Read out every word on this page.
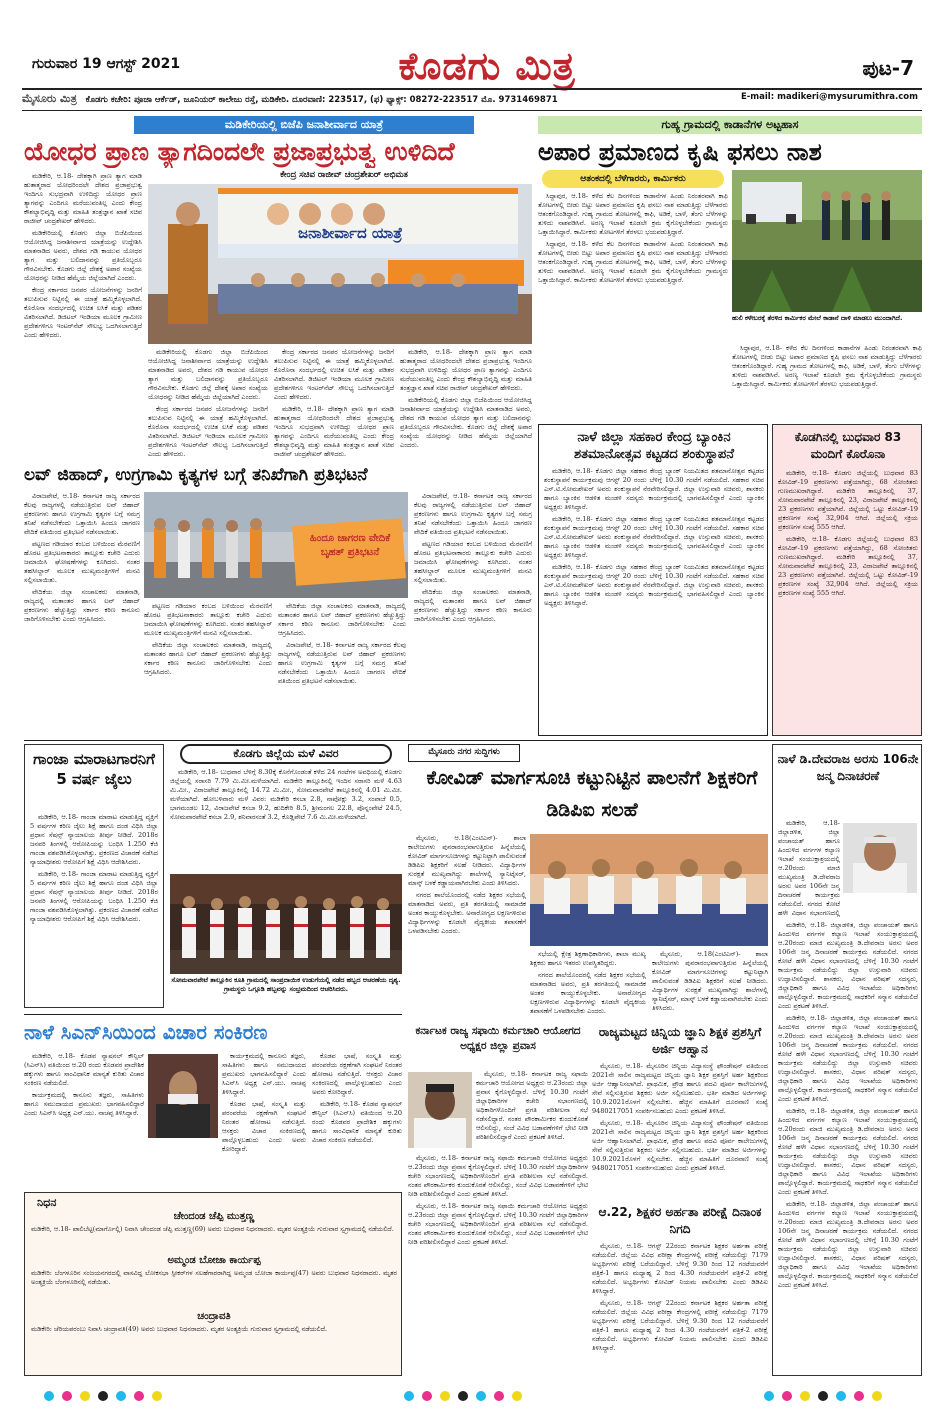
ಗುರುವಾರ 19 ಆಗಸ್ಟ್ 2021	ಕೊಡಗು ಮಿತ್ರ	ಪುಟ-7
ಮೈಸೂರು ಮಿತ್ರ ಕೊಡಗು ಕಚೇರಿ: ಪೂಜಾ ಆರ್ಕೆಡ್, ಜೂನಿಯರ್ ಕಾಲೇಜು ರಸ್ತೆ, ಮಡಿಕೇರಿ. ದೂರವಾಣಿ: 223517, (ಫ) ಫ್ಯಾಕ್ಸ್: 08272-223517 ಮೊ. 9731469871	E-mail: madikeri@mysurumithra.com
ಮಡಿಕೇರಿಯಲ್ಲಿ ಬಿಜೆಪಿ ಜನಾಶೀರ್ವಾದ ಯಾತ್ರೆ
ಯೋಧರ ಪ್ರಾಣ ತ್ಯಾಗದಿಂದಲೇ ಪ್ರಜಾಪ್ರಭುತ್ವ ಉಳಿದಿದೆ
ಕೇಂದ್ರ ಸಚಿವ ರಾಜೀವ್ ಚಂದ್ರಶೇಖರ್ ಅಭಿಮತ

ಮಡಿಕೇರಿ, ಆ.18- ದೇಶಕ್ಕಾಗಿ ಪ್ರಾಣ ತ್ಯಾಗ ಮಾಡಿ ಹುತಾತ್ಮರಾದ ಯೋಧರಿಂದಲೇ ದೇಶದ ಪ್ರಜಾಪ್ರಭುತ್ವ ಇಂದಿಗೂ ಸುಭದ್ರವಾಗಿ ಉಳಿದಿದ್ದು ಯೋಧರ ಪ್ರಾಣ ತ್ಯಾಗವನ್ನು ಎಂದಿಗೂ ಮರೆಯುವಂತಿಲ್ಲ ಎಂದು ಕೇಂದ್ರ ಕೌಶಲ್ಯಾಭಿವೃದ್ಧಿ ಮತ್ತು ಮಾಹಿತಿ ತಂತ್ರಜ್ಞಾನ ಖಾತೆ ಸಚಿವ ರಾಜೀವ್ ಚಂದ್ರಶೇಖರ್ ಹೇಳಿದರು.

ಮಡಿಕೇರಿಯಲ್ಲಿ ಕೊಡಗು ಜಿಲ್ಲಾ ಬಿಜೆಪಿಯಿಂದ ಆಯೋಜಿಸಿದ್ದ ಜನಾಶೀರ್ವಾದ ಯಾತ್ರೆಯನ್ನು ಉದ್ದೇಶಿಸಿ ಮಾತನಾಡಿದ ಅವರು, ದೇಶದ ಗಡಿ ಕಾಯುವ ಯೋಧರ ತ್ಯಾಗ ಮತ್ತು ಬಲಿದಾನವನ್ನು ಪ್ರತಿಯೊಬ್ಬರೂ ಗೌರವಿಸಬೇಕು. ಕೊಡಗು ಜಿಲ್ಲೆ ದೇಶಕ್ಕೆ ಅಪಾರ ಸಂಖ್ಯೆಯ ಯೋಧರನ್ನು ನೀಡಿದ ಹೆಮ್ಮೆಯ ಜಿಲ್ಲೆಯಾಗಿದೆ ಎಂದರು.

ಕೇಂದ್ರ ಸರ್ಕಾರದ ಜನಪರ ಯೋಜನೆಗಳನ್ನು ಜನರಿಗೆ ತಲುಪಿಸುವ ನಿಟ್ಟಿನಲ್ಲಿ ಈ ಯಾತ್ರೆ ಹಮ್ಮಿಕೊಳ್ಳಲಾಗಿದೆ. ಕೊರೊನಾ ಸಂದರ್ಭದಲ್ಲಿ ಉಚಿತ ಲಸಿಕೆ ಮತ್ತು ಪಡಿತರ ವಿತರಿಸಲಾಗಿದೆ. ಡಿಜಿಟಲ್ ಇಂಡಿಯಾ ಮೂಲಕ ಗ್ರಾಮೀಣ ಪ್ರದೇಶಗಳಿಗೂ ಇಂಟರ್‌ನೆಟ್ ಸೌಲಭ್ಯ ಒದಗಿಸಲಾಗುತ್ತಿದೆ ಎಂದು ಹೇಳಿದರು.

ಜನಾಶೀರ್ವಾದ ಯಾತ್ರೆ

ಮಡಿಕೇರಿಯಲ್ಲಿ ಕೊಡಗು ಜಿಲ್ಲಾ ಬಿಜೆಪಿಯಿಂದ ಆಯೋಜಿಸಿದ್ದ ಜನಾಶೀರ್ವಾದ ಯಾತ್ರೆಯನ್ನು ಉದ್ದೇಶಿಸಿ ಮಾತನಾಡಿದ ಅವರು, ದೇಶದ ಗಡಿ ಕಾಯುವ ಯೋಧರ ತ್ಯಾಗ ಮತ್ತು ಬಲಿದಾನವನ್ನು ಪ್ರತಿಯೊಬ್ಬರೂ ಗೌರವಿಸಬೇಕು. ಕೊಡಗು ಜಿಲ್ಲೆ ದೇಶಕ್ಕೆ ಅಪಾರ ಸಂಖ್ಯೆಯ ಯೋಧರನ್ನು ನೀಡಿದ ಹೆಮ್ಮೆಯ ಜಿಲ್ಲೆಯಾಗಿದೆ ಎಂದರು.

ಕೇಂದ್ರ ಸರ್ಕಾರದ ಜನಪರ ಯೋಜನೆಗಳನ್ನು ಜನರಿಗೆ ತಲುಪಿಸುವ ನಿಟ್ಟಿನಲ್ಲಿ ಈ ಯಾತ್ರೆ ಹಮ್ಮಿಕೊಳ್ಳಲಾಗಿದೆ. ಕೊರೊನಾ ಸಂದರ್ಭದಲ್ಲಿ ಉಚಿತ ಲಸಿಕೆ ಮತ್ತು ಪಡಿತರ ವಿತರಿಸಲಾಗಿದೆ. ಡಿಜಿಟಲ್ ಇಂಡಿಯಾ ಮೂಲಕ ಗ್ರಾಮೀಣ ಪ್ರದೇಶಗಳಿಗೂ ಇಂಟರ್‌ನೆಟ್ ಸೌಲಭ್ಯ ಒದಗಿಸಲಾಗುತ್ತಿದೆ ಎಂದು ಹೇಳಿದರು.

ಕೇಂದ್ರ ಸರ್ಕಾರದ ಜನಪರ ಯೋಜನೆಗಳನ್ನು ಜನರಿಗೆ ತಲುಪಿಸುವ ನಿಟ್ಟಿನಲ್ಲಿ ಈ ಯಾತ್ರೆ ಹಮ್ಮಿಕೊಳ್ಳಲಾಗಿದೆ. ಕೊರೊನಾ ಸಂದರ್ಭದಲ್ಲಿ ಉಚಿತ ಲಸಿಕೆ ಮತ್ತು ಪಡಿತರ ವಿತರಿಸಲಾಗಿದೆ. ಡಿಜಿಟಲ್ ಇಂಡಿಯಾ ಮೂಲಕ ಗ್ರಾಮೀಣ ಪ್ರದೇಶಗಳಿಗೂ ಇಂಟರ್‌ನೆಟ್ ಸೌಲಭ್ಯ ಒದಗಿಸಲಾಗುತ್ತಿದೆ ಎಂದು ಹೇಳಿದರು.

ಮಡಿಕೇರಿ, ಆ.18- ದೇಶಕ್ಕಾಗಿ ಪ್ರಾಣ ತ್ಯಾಗ ಮಾಡಿ ಹುತಾತ್ಮರಾದ ಯೋಧರಿಂದಲೇ ದೇಶದ ಪ್ರಜಾಪ್ರಭುತ್ವ ಇಂದಿಗೂ ಸುಭದ್ರವಾಗಿ ಉಳಿದಿದ್ದು ಯೋಧರ ಪ್ರಾಣ ತ್ಯಾಗವನ್ನು ಎಂದಿಗೂ ಮರೆಯುವಂತಿಲ್ಲ ಎಂದು ಕೇಂದ್ರ ಕೌಶಲ್ಯಾಭಿವೃದ್ಧಿ ಮತ್ತು ಮಾಹಿತಿ ತಂತ್ರಜ್ಞಾನ ಖಾತೆ ಸಚಿವ ರಾಜೀವ್ ಚಂದ್ರಶೇಖರ್ ಹೇಳಿದರು.

ಮಡಿಕೇರಿ, ಆ.18- ದೇಶಕ್ಕಾಗಿ ಪ್ರಾಣ ತ್ಯಾಗ ಮಾಡಿ ಹುತಾತ್ಮರಾದ ಯೋಧರಿಂದಲೇ ದೇಶದ ಪ್ರಜಾಪ್ರಭುತ್ವ ಇಂದಿಗೂ ಸುಭದ್ರವಾಗಿ ಉಳಿದಿದ್ದು ಯೋಧರ ಪ್ರಾಣ ತ್ಯಾಗವನ್ನು ಎಂದಿಗೂ ಮರೆಯುವಂತಿಲ್ಲ ಎಂದು ಕೇಂದ್ರ ಕೌಶಲ್ಯಾಭಿವೃದ್ಧಿ ಮತ್ತು ಮಾಹಿತಿ ತಂತ್ರಜ್ಞಾನ ಖಾತೆ ಸಚಿವ ರಾಜೀವ್ ಚಂದ್ರಶೇಖರ್ ಹೇಳಿದರು.

ಮಡಿಕೇರಿಯಲ್ಲಿ ಕೊಡಗು ಜಿಲ್ಲಾ ಬಿಜೆಪಿಯಿಂದ ಆಯೋಜಿಸಿದ್ದ ಜನಾಶೀರ್ವಾದ ಯಾತ್ರೆಯನ್ನು ಉದ್ದೇಶಿಸಿ ಮಾತನಾಡಿದ ಅವರು, ದೇಶದ ಗಡಿ ಕಾಯುವ ಯೋಧರ ತ್ಯಾಗ ಮತ್ತು ಬಲಿದಾನವನ್ನು ಪ್ರತಿಯೊಬ್ಬರೂ ಗೌರವಿಸಬೇಕು. ಕೊಡಗು ಜಿಲ್ಲೆ ದೇಶಕ್ಕೆ ಅಪಾರ ಸಂಖ್ಯೆಯ ಯೋಧರನ್ನು ನೀಡಿದ ಹೆಮ್ಮೆಯ ಜಿಲ್ಲೆಯಾಗಿದೆ ಎಂದರು.

ಗುಹ್ಯ ಗ್ರಾಮದಲ್ಲಿ ಕಾಡಾನೆಗಳ ಅಟ್ಟಹಾಸ
ಅಪಾರ ಪ್ರಮಾಣದ ಕೃಷಿ ಫಸಲು ನಾಶ
ಆತಂಕದಲ್ಲಿ ಬೆಳೆಗಾರರು, ಕಾರ್ಮಿಕರು

ಸಿದ್ದಾಪುರ, ಆ.18- ಕಳೆದ ಕೆಲ ದಿನಗಳಿಂದ ಕಾಡಾನೆಗಳ ಹಿಂಡು ನಿರಂತರವಾಗಿ ಕಾಫಿ ತೋಟಗಳಲ್ಲಿ ಬೀಡು ಬಿಟ್ಟು ಅಪಾರ ಪ್ರಮಾಣದ ಕೃಷಿ ಫಸಲು ನಾಶ ಮಾಡುತ್ತಿದ್ದು ಬೆಳೆಗಾರರು ಆತಂಕಗೊಂಡಿದ್ದಾರೆ. ಗುಹ್ಯ ಗ್ರಾಮದ ತೋಟಗಳಲ್ಲಿ ಕಾಫಿ, ಅಡಿಕೆ, ಬಾಳೆ, ತೆಂಗು ಬೆಳೆಗಳನ್ನು ತುಳಿದು ನಾಶಪಡಿಸಿವೆ. ಅರಣ್ಯ ಇಲಾಖೆ ಕೂಡಲೇ ಕ್ರಮ ಕೈಗೊಳ್ಳಬೇಕೆಂದು ಗ್ರಾಮಸ್ಥರು ಒತ್ತಾಯಿಸಿದ್ದಾರೆ. ಕಾರ್ಮಿಕರು ತೋಟಗಳಿಗೆ ತೆರಳಲು ಭಯಪಡುತ್ತಿದ್ದಾರೆ.

ಸಿದ್ದಾಪುರ, ಆ.18- ಕಳೆದ ಕೆಲ ದಿನಗಳಿಂದ ಕಾಡಾನೆಗಳ ಹಿಂಡು ನಿರಂತರವಾಗಿ ಕಾಫಿ ತೋಟಗಳಲ್ಲಿ ಬೀಡು ಬಿಟ್ಟು ಅಪಾರ ಪ್ರಮಾಣದ ಕೃಷಿ ಫಸಲು ನಾಶ ಮಾಡುತ್ತಿದ್ದು ಬೆಳೆಗಾರರು ಆತಂಕಗೊಂಡಿದ್ದಾರೆ. ಗುಹ್ಯ ಗ್ರಾಮದ ತೋಟಗಳಲ್ಲಿ ಕಾಫಿ, ಅಡಿಕೆ, ಬಾಳೆ, ತೆಂಗು ಬೆಳೆಗಳನ್ನು ತುಳಿದು ನಾಶಪಡಿಸಿವೆ. ಅರಣ್ಯ ಇಲಾಖೆ ಕೂಡಲೇ ಕ್ರಮ ಕೈಗೊಳ್ಳಬೇಕೆಂದು ಗ್ರಾಮಸ್ಥರು ಒತ್ತಾಯಿಸಿದ್ದಾರೆ. ಕಾರ್ಮಿಕರು ತೋಟಗಳಿಗೆ ತೆರಳಲು ಭಯಪಡುತ್ತಿದ್ದಾರೆ.

ಹುಲಿ ಕಳೇಬರಕ್ಕೆ ತೆರಳಿದ ಕಾರ್ಮಿಕರ ಮೇಲೆ ಕಾಡಾನೆ ದಾಳಿ ಮಾಡಲು ಮುಂದಾಗಿದೆ.

ಸಿದ್ದಾಪುರ, ಆ.18- ಕಳೆದ ಕೆಲ ದಿನಗಳಿಂದ ಕಾಡಾನೆಗಳ ಹಿಂಡು ನಿರಂತರವಾಗಿ ಕಾಫಿ ತೋಟಗಳಲ್ಲಿ ಬೀಡು ಬಿಟ್ಟು ಅಪಾರ ಪ್ರಮಾಣದ ಕೃಷಿ ಫಸಲು ನಾಶ ಮಾಡುತ್ತಿದ್ದು ಬೆಳೆಗಾರರು ಆತಂಕಗೊಂಡಿದ್ದಾರೆ. ಗುಹ್ಯ ಗ್ರಾಮದ ತೋಟಗಳಲ್ಲಿ ಕಾಫಿ, ಅಡಿಕೆ, ಬಾಳೆ, ತೆಂಗು ಬೆಳೆಗಳನ್ನು ತುಳಿದು ನಾಶಪಡಿಸಿವೆ. ಅರಣ್ಯ ಇಲಾಖೆ ಕೂಡಲೇ ಕ್ರಮ ಕೈಗೊಳ್ಳಬೇಕೆಂದು ಗ್ರಾಮಸ್ಥರು ಒತ್ತಾಯಿಸಿದ್ದಾರೆ. ಕಾರ್ಮಿಕರು ತೋಟಗಳಿಗೆ ತೆರಳಲು ಭಯಪಡುತ್ತಿದ್ದಾರೆ.

ನಾಳೆ ಜಿಲ್ಲಾ ಸಹಕಾರ ಕೇಂದ್ರ ಬ್ಯಾಂಕಿನ ಶತಮಾನೋತ್ಸವ ಕಟ್ಟಡದ ಶಂಕುಸ್ಥಾಪನೆ

ಮಡಿಕೇರಿ, ಆ.18- ಕೊಡಗು ಜಿಲ್ಲಾ ಸಹಕಾರ ಕೇಂದ್ರ ಬ್ಯಾಂಕ್ ನಿಯಮಿತದ ಶತಮಾನೋತ್ಸವ ಕಟ್ಟಡದ ಶಂಕುಸ್ಥಾಪನೆ ಕಾರ್ಯಕ್ರಮವು ಆಗಸ್ಟ್ 20 ರಂದು ಬೆಳಿಗ್ಗೆ 10.30 ಗಂಟೆಗೆ ನಡೆಯಲಿದೆ. ಸಹಕಾರ ಸಚಿವ ಎಸ್.ಟಿ.ಸೋಮಶೇಖರ್ ಅವರು ಶಂಕುಸ್ಥಾಪನೆ ನೆರವೇರಿಸಲಿದ್ದಾರೆ. ಜಿಲ್ಲಾ ಉಸ್ತುವಾರಿ ಸಚಿವರು, ಶಾಸಕರು ಹಾಗೂ ಬ್ಯಾಂಕಿನ ಆಡಳಿತ ಮಂಡಳಿ ಸದಸ್ಯರು ಕಾರ್ಯಕ್ರಮದಲ್ಲಿ ಭಾಗವಹಿಸಲಿದ್ದಾರೆ ಎಂದು ಬ್ಯಾಂಕಿನ ಅಧ್ಯಕ್ಷರು ತಿಳಿಸಿದ್ದಾರೆ.

ಮಡಿಕೇರಿ, ಆ.18- ಕೊಡಗು ಜಿಲ್ಲಾ ಸಹಕಾರ ಕೇಂದ್ರ ಬ್ಯಾಂಕ್ ನಿಯಮಿತದ ಶತಮಾನೋತ್ಸವ ಕಟ್ಟಡದ ಶಂಕುಸ್ಥಾಪನೆ ಕಾರ್ಯಕ್ರಮವು ಆಗಸ್ಟ್ 20 ರಂದು ಬೆಳಿಗ್ಗೆ 10.30 ಗಂಟೆಗೆ ನಡೆಯಲಿದೆ. ಸಹಕಾರ ಸಚಿವ ಎಸ್.ಟಿ.ಸೋಮಶೇಖರ್ ಅವರು ಶಂಕುಸ್ಥಾಪನೆ ನೆರವೇರಿಸಲಿದ್ದಾರೆ. ಜಿಲ್ಲಾ ಉಸ್ತುವಾರಿ ಸಚಿವರು, ಶಾಸಕರು ಹಾಗೂ ಬ್ಯಾಂಕಿನ ಆಡಳಿತ ಮಂಡಳಿ ಸದಸ್ಯರು ಕಾರ್ಯಕ್ರಮದಲ್ಲಿ ಭಾಗವಹಿಸಲಿದ್ದಾರೆ ಎಂದು ಬ್ಯಾಂಕಿನ ಅಧ್ಯಕ್ಷರು ತಿಳಿಸಿದ್ದಾರೆ.

ಮಡಿಕೇರಿ, ಆ.18- ಕೊಡಗು ಜಿಲ್ಲಾ ಸಹಕಾರ ಕೇಂದ್ರ ಬ್ಯಾಂಕ್ ನಿಯಮಿತದ ಶತಮಾನೋತ್ಸವ ಕಟ್ಟಡದ ಶಂಕುಸ್ಥಾಪನೆ ಕಾರ್ಯಕ್ರಮವು ಆಗಸ್ಟ್ 20 ರಂದು ಬೆಳಿಗ್ಗೆ 10.30 ಗಂಟೆಗೆ ನಡೆಯಲಿದೆ. ಸಹಕಾರ ಸಚಿವ ಎಸ್.ಟಿ.ಸೋಮಶೇಖರ್ ಅವರು ಶಂಕುಸ್ಥಾಪನೆ ನೆರವೇರಿಸಲಿದ್ದಾರೆ. ಜಿಲ್ಲಾ ಉಸ್ತುವಾರಿ ಸಚಿವರು, ಶಾಸಕರು ಹಾಗೂ ಬ್ಯಾಂಕಿನ ಆಡಳಿತ ಮಂಡಳಿ ಸದಸ್ಯರು ಕಾರ್ಯಕ್ರಮದಲ್ಲಿ ಭಾಗವಹಿಸಲಿದ್ದಾರೆ ಎಂದು ಬ್ಯಾಂಕಿನ ಅಧ್ಯಕ್ಷರು ತಿಳಿಸಿದ್ದಾರೆ.

ಕೊಡಗಿನಲ್ಲಿ ಬುಧವಾರ 83 ಮಂದಿಗೆ ಕೊರೊನಾ

ಮಡಿಕೇರಿ, ಆ.18- ಕೊಡಗು ಜಿಲ್ಲೆಯಲ್ಲಿ ಬುಧವಾರ 83 ಕೋವಿಡ್-19 ಪ್ರಕರಣಗಳು ಪತ್ತೆಯಾಗಿದ್ದು, 68 ಸೋಂಕಿತರು ಗುಣಮುಖರಾಗಿದ್ದಾರೆ. ಮಡಿಕೇರಿ ತಾಲ್ಲೂಕಿನಲ್ಲಿ 37, ಸೋಮವಾರಪೇಟೆ ತಾಲ್ಲೂಕಿನಲ್ಲಿ 23, ವಿರಾಜಪೇಟೆ ತಾಲ್ಲೂಕಿನಲ್ಲಿ 23 ಪ್ರಕರಣಗಳು ಪತ್ತೆಯಾಗಿವೆ. ಜಿಲ್ಲೆಯಲ್ಲಿ ಒಟ್ಟು ಕೋವಿಡ್-19 ಪ್ರಕರಣಗಳ ಸಂಖ್ಯೆ 32,904 ಆಗಿದೆ. ಜಿಲ್ಲೆಯಲ್ಲಿ ಸಕ್ರಿಯ ಪ್ರಕರಣಗಳ ಸಂಖ್ಯೆ 555 ಆಗಿದೆ.

ಮಡಿಕೇರಿ, ಆ.18- ಕೊಡಗು ಜಿಲ್ಲೆಯಲ್ಲಿ ಬುಧವಾರ 83 ಕೋವಿಡ್-19 ಪ್ರಕರಣಗಳು ಪತ್ತೆಯಾಗಿದ್ದು, 68 ಸೋಂಕಿತರು ಗುಣಮುಖರಾಗಿದ್ದಾರೆ. ಮಡಿಕೇರಿ ತಾಲ್ಲೂಕಿನಲ್ಲಿ 37, ಸೋಮವಾರಪೇಟೆ ತಾಲ್ಲೂಕಿನಲ್ಲಿ 23, ವಿರಾಜಪೇಟೆ ತಾಲ್ಲೂಕಿನಲ್ಲಿ 23 ಪ್ರಕರಣಗಳು ಪತ್ತೆಯಾಗಿವೆ. ಜಿಲ್ಲೆಯಲ್ಲಿ ಒಟ್ಟು ಕೋವಿಡ್-19 ಪ್ರಕರಣಗಳ ಸಂಖ್ಯೆ 32,904 ಆಗಿದೆ. ಜಿಲ್ಲೆಯಲ್ಲಿ ಸಕ್ರಿಯ ಪ್ರಕರಣಗಳ ಸಂಖ್ಯೆ 555 ಆಗಿದೆ.

ಲವ್ ಜಿಹಾದ್, ಉಗ್ರಗಾಮಿ ಕೃತ್ಯಗಳ ಬಗ್ಗೆ ತನಿಖೆಗಾಗಿ ಪ್ರತಿಭಟನೆ

ವಿರಾಜಪೇಟೆ, ಆ.18- ಕರ್ನಾಟಕ ರಾಜ್ಯ ಸರ್ಕಾರದ ಕೆಲವು ರಾಜ್ಯಗಳಲ್ಲಿ ನಡೆಯುತ್ತಿರುವ ಲವ್ ಜಿಹಾದ್ ಪ್ರಕರಣಗಳು ಹಾಗೂ ಉಗ್ರಗಾಮಿ ಕೃತ್ಯಗಳ ಬಗ್ಗೆ ಸಮಗ್ರ ತನಿಖೆ ನಡೆಸಬೇಕೆಂದು ಒತ್ತಾಯಿಸಿ ಹಿಂದೂ ಜಾಗರಣ ವೇದಿಕೆ ವತಿಯಿಂದ ಪ್ರತಿಭಟನೆ ನಡೆಸಲಾಯಿತು.

ಪಟ್ಟಣದ ಗಡಿಯಾರ ಕಂಬದ ಬಳಿಯಿಂದ ಮೆರವಣಿಗೆ ಹೊರಟ ಪ್ರತಿಭಟನಾಕಾರರು ತಾಲ್ಲೂಕು ಕಚೇರಿ ಎದುರು ಜಮಾಯಿಸಿ ಘೋಷಣೆಗಳನ್ನು ಕೂಗಿದರು. ನಂತರ ತಹಸೀಲ್ದಾರ್ ಮೂಲಕ ಮುಖ್ಯಮಂತ್ರಿಗಳಿಗೆ ಮನವಿ ಸಲ್ಲಿಸಲಾಯಿತು.

ವೇದಿಕೆಯ ಜಿಲ್ಲಾ ಸಂಚಾಲಕರು ಮಾತನಾಡಿ, ರಾಜ್ಯದಲ್ಲಿ ಮತಾಂತರ ಹಾಗೂ ಲವ್ ಜಿಹಾದ್ ಪ್ರಕರಣಗಳು ಹೆಚ್ಚುತ್ತಿದ್ದು ಸರ್ಕಾರ ಕಠಿಣ ಕಾನೂನು ಜಾರಿಗೊಳಿಸಬೇಕು ಎಂದು ಆಗ್ರಹಿಸಿದರು.

ಹಿಂದೂ ಜಾಗರಣ ವೇದಿಕೆ ಬೃಹತ್ ಪ್ರತಿಭಟನೆ

ಪಟ್ಟಣದ ಗಡಿಯಾರ ಕಂಬದ ಬಳಿಯಿಂದ ಮೆರವಣಿಗೆ ಹೊರಟ ಪ್ರತಿಭಟನಾಕಾರರು ತಾಲ್ಲೂಕು ಕಚೇರಿ ಎದುರು ಜಮಾಯಿಸಿ ಘೋಷಣೆಗಳನ್ನು ಕೂಗಿದರು. ನಂತರ ತಹಸೀಲ್ದಾರ್ ಮೂಲಕ ಮುಖ್ಯಮಂತ್ರಿಗಳಿಗೆ ಮನವಿ ಸಲ್ಲಿಸಲಾಯಿತು.

ವೇದಿಕೆಯ ಜಿಲ್ಲಾ ಸಂಚಾಲಕರು ಮಾತನಾಡಿ, ರಾಜ್ಯದಲ್ಲಿ ಮತಾಂತರ ಹಾಗೂ ಲವ್ ಜಿಹಾದ್ ಪ್ರಕರಣಗಳು ಹೆಚ್ಚುತ್ತಿದ್ದು ಸರ್ಕಾರ ಕಠಿಣ ಕಾನೂನು ಜಾರಿಗೊಳಿಸಬೇಕು ಎಂದು ಆಗ್ರಹಿಸಿದರು.

ವೇದಿಕೆಯ ಜಿಲ್ಲಾ ಸಂಚಾಲಕರು ಮಾತನಾಡಿ, ರಾಜ್ಯದಲ್ಲಿ ಮತಾಂತರ ಹಾಗೂ ಲವ್ ಜಿಹಾದ್ ಪ್ರಕರಣಗಳು ಹೆಚ್ಚುತ್ತಿದ್ದು ಸರ್ಕಾರ ಕಠಿಣ ಕಾನೂನು ಜಾರಿಗೊಳಿಸಬೇಕು ಎಂದು ಆಗ್ರಹಿಸಿದರು.

ವಿರಾಜಪೇಟೆ, ಆ.18- ಕರ್ನಾಟಕ ರಾಜ್ಯ ಸರ್ಕಾರದ ಕೆಲವು ರಾಜ್ಯಗಳಲ್ಲಿ ನಡೆಯುತ್ತಿರುವ ಲವ್ ಜಿಹಾದ್ ಪ್ರಕರಣಗಳು ಹಾಗೂ ಉಗ್ರಗಾಮಿ ಕೃತ್ಯಗಳ ಬಗ್ಗೆ ಸಮಗ್ರ ತನಿಖೆ ನಡೆಸಬೇಕೆಂದು ಒತ್ತಾಯಿಸಿ ಹಿಂದೂ ಜಾಗರಣ ವೇದಿಕೆ ವತಿಯಿಂದ ಪ್ರತಿಭಟನೆ ನಡೆಸಲಾಯಿತು.

ವಿರಾಜಪೇಟೆ, ಆ.18- ಕರ್ನಾಟಕ ರಾಜ್ಯ ಸರ್ಕಾರದ ಕೆಲವು ರಾಜ್ಯಗಳಲ್ಲಿ ನಡೆಯುತ್ತಿರುವ ಲವ್ ಜಿಹಾದ್ ಪ್ರಕರಣಗಳು ಹಾಗೂ ಉಗ್ರಗಾಮಿ ಕೃತ್ಯಗಳ ಬಗ್ಗೆ ಸಮಗ್ರ ತನಿಖೆ ನಡೆಸಬೇಕೆಂದು ಒತ್ತಾಯಿಸಿ ಹಿಂದೂ ಜಾಗರಣ ವೇದಿಕೆ ವತಿಯಿಂದ ಪ್ರತಿಭಟನೆ ನಡೆಸಲಾಯಿತು.

ಪಟ್ಟಣದ ಗಡಿಯಾರ ಕಂಬದ ಬಳಿಯಿಂದ ಮೆರವಣಿಗೆ ಹೊರಟ ಪ್ರತಿಭಟನಾಕಾರರು ತಾಲ್ಲೂಕು ಕಚೇರಿ ಎದುರು ಜಮಾಯಿಸಿ ಘೋಷಣೆಗಳನ್ನು ಕೂಗಿದರು. ನಂತರ ತಹಸೀಲ್ದಾರ್ ಮೂಲಕ ಮುಖ್ಯಮಂತ್ರಿಗಳಿಗೆ ಮನವಿ ಸಲ್ಲಿಸಲಾಯಿತು.

ವೇದಿಕೆಯ ಜಿಲ್ಲಾ ಸಂಚಾಲಕರು ಮಾತನಾಡಿ, ರಾಜ್ಯದಲ್ಲಿ ಮತಾಂತರ ಹಾಗೂ ಲವ್ ಜಿಹಾದ್ ಪ್ರಕರಣಗಳು ಹೆಚ್ಚುತ್ತಿದ್ದು ಸರ್ಕಾರ ಕಠಿಣ ಕಾನೂನು ಜಾರಿಗೊಳಿಸಬೇಕು ಎಂದು ಆಗ್ರಹಿಸಿದರು.

ಗಾಂಜಾ ಮಾರಾಟಗಾರನಿಗೆ 5 ವರ್ಷ ಜೈಲು

ಮಡಿಕೇರಿ, ಆ.18- ಗಾಂಜಾ ಮಾರಾಟ ಮಾಡುತ್ತಿದ್ದ ವ್ಯಕ್ತಿಗೆ 5 ವರ್ಷಗಳ ಕಠಿಣ ಜೈಲು ಶಿಕ್ಷೆ ಹಾಗೂ ದಂಡ ವಿಧಿಸಿ ಜಿಲ್ಲಾ ಪ್ರಧಾನ ಸೆಷನ್ಸ್ ನ್ಯಾಯಾಲಯ ತೀರ್ಪು ನೀಡಿದೆ. 2018ರ ಜನವರಿ ತಿಂಗಳಲ್ಲಿ ಆರೋಪಿಯನ್ನು ಬಂಧಿಸಿ 1.250 ಕೆಜಿ ಗಾಂಜಾ ವಶಪಡಿಸಿಕೊಳ್ಳಲಾಗಿತ್ತು. ಪ್ರಕರಣದ ವಿಚಾರಣೆ ನಡೆಸಿದ ನ್ಯಾಯಾಧೀಶರು ಆರೋಪಿಗೆ ಶಿಕ್ಷೆ ವಿಧಿಸಿ ಆದೇಶಿಸಿದರು.

ಮಡಿಕೇರಿ, ಆ.18- ಗಾಂಜಾ ಮಾರಾಟ ಮಾಡುತ್ತಿದ್ದ ವ್ಯಕ್ತಿಗೆ 5 ವರ್ಷಗಳ ಕಠಿಣ ಜೈಲು ಶಿಕ್ಷೆ ಹಾಗೂ ದಂಡ ವಿಧಿಸಿ ಜಿಲ್ಲಾ ಪ್ರಧಾನ ಸೆಷನ್ಸ್ ನ್ಯಾಯಾಲಯ ತೀರ್ಪು ನೀಡಿದೆ. 2018ರ ಜನವರಿ ತಿಂಗಳಲ್ಲಿ ಆರೋಪಿಯನ್ನು ಬಂಧಿಸಿ 1.250 ಕೆಜಿ ಗಾಂಜಾ ವಶಪಡಿಸಿಕೊಳ್ಳಲಾಗಿತ್ತು. ಪ್ರಕರಣದ ವಿಚಾರಣೆ ನಡೆಸಿದ ನ್ಯಾಯಾಧೀಶರು ಆರೋಪಿಗೆ ಶಿಕ್ಷೆ ವಿಧಿಸಿ ಆದೇಶಿಸಿದರು.

ಕೊಡಗು ಜಿಲ್ಲೆಯ ಮಳೆ ವಿವರ

ಮಡಿಕೇರಿ, ಆ.18- ಬುಧವಾರ ಬೆಳಿಗ್ಗೆ 8.30ಕ್ಕೆ ಕೊನೆಗೊಂಡಂತೆ ಕಳೆದ 24 ಗಂಟೆಗಳ ಅವಧಿಯಲ್ಲಿ ಕೊಡಗು ಜಿಲ್ಲೆಯಲ್ಲಿ ಸರಾಸರಿ 7.79 ಮಿ.ಮೀ.ಮಳೆಯಾಗಿದೆ. ಮಡಿಕೇರಿ ತಾಲ್ಲೂಕಿನಲ್ಲಿ ಇಂದಿನ ಸರಾಸರಿ ಮಳೆ 4.63 ಮಿ.ಮೀ., ವಿರಾಜಪೇಟೆ ತಾಲ್ಲೂಕಿನಲ್ಲಿ 14.72 ಮಿ.ಮೀ., ಸೋಮವಾರಪೇಟೆ ತಾಲ್ಲೂಕಿನಲ್ಲಿ 4.01 ಮಿ.ಮೀ. ಮಳೆಯಾಗಿದೆ. ಹೋಬಳಿವಾರು ಮಳೆ ವಿವರ: ಮಡಿಕೇರಿ ಕಸಬಾ 2.8, ನಾಪೋಕ್ಲು 3.2, ಸಂಪಾಜೆ 0.5, ಭಾಗಮಂಡಲ 12, ವಿರಾಜಪೇಟೆ ಕಸಬಾ 9.2, ಹುದಿಕೇರಿ 8.5, ಶ್ರೀಮಂಗಲ 22.8, ಪೊನ್ನಂಪೇಟೆ 24.5, ಸೋಮವಾರಪೇಟೆ ಕಸಬಾ 2.9, ಶನಿವಾರಸಂತೆ 3.2, ಕೊಡ್ಲಿಪೇಟೆ 7.6 ಮಿ.ಮೀ.ಮಳೆಯಾಗಿದೆ.

ಸೋಮವಾರಪೇಟೆ ತಾಲ್ಲೂಕಿನ ಕೂತಿ ಗ್ರಾಮದಲ್ಲಿ ಸಾಂಪ್ರದಾಯಿಕ ಉಡುಗೆಯಲ್ಲಿ ನಡೆದ ಹಬ್ಬದ ಆಚರಣೆಯ ದೃಶ್ಯ. ಗ್ರಾಮಸ್ಥರು ಒಗ್ಗೂಡಿ ಹಬ್ಬವನ್ನು ಸಂಭ್ರಮದಿಂದ ಆಚರಿಸಿದರು.
ಮೈಸೂರು ನಗರ ಸುದ್ದಿಗಳು
ಕೋವಿಡ್ ಮಾರ್ಗಸೂಚಿ ಕಟ್ಟುನಿಟ್ಟಿನ ಪಾಲನೆಗೆ ಶಿಕ್ಷಕರಿಗೆ ಡಿಡಿಪಿಐ ಸಲಹೆ

ಮೈಸೂರು, ಆ.18(ಎಂಟಿಎನ್)- ಶಾಲಾ ಕಾಲೇಜುಗಳು ಪುನರಾರಂಭವಾಗುತ್ತಿರುವ ಹಿನ್ನೆಲೆಯಲ್ಲಿ ಕೋವಿಡ್ ಮಾರ್ಗಸೂಚಿಗಳನ್ನು ಕಟ್ಟುನಿಟ್ಟಾಗಿ ಪಾಲಿಸುವಂತೆ ಡಿಡಿಪಿಐ ಶಿಕ್ಷಕರಿಗೆ ಸಲಹೆ ನೀಡಿದರು. ವಿದ್ಯಾರ್ಥಿಗಳ ಸುರಕ್ಷತೆ ಮುಖ್ಯವಾಗಿದ್ದು ಶಾಲೆಗಳಲ್ಲಿ ಸ್ಯಾನಿಟೈಸರ್, ಮಾಸ್ಕ್ ಬಳಕೆ ಕಡ್ಡಾಯವಾಗಿರಬೇಕು ಎಂದು ತಿಳಿಸಿದರು.

ನಗರದ ಶಾಲೆಯೊಂದರಲ್ಲಿ ನಡೆದ ಶಿಕ್ಷಕರ ಸಭೆಯಲ್ಲಿ ಮಾತನಾಡಿದ ಅವರು, ಪ್ರತಿ ತರಗತಿಯಲ್ಲಿ ಸಾಮಾಜಿಕ ಅಂತರ ಕಾಯ್ದುಕೊಳ್ಳಬೇಕು. ಅನಾರೋಗ್ಯದ ಲಕ್ಷಣಗಳಿರುವ ವಿದ್ಯಾರ್ಥಿಗಳನ್ನು ಕೂಡಲೇ ವೈದ್ಯಕೀಯ ತಪಾಸಣೆಗೆ ಒಳಪಡಿಸಬೇಕು ಎಂದರು.

ಸಭೆಯಲ್ಲಿ ಕ್ಷೇತ್ರ ಶಿಕ್ಷಣಾಧಿಕಾರಿಗಳು, ಶಾಲಾ ಮುಖ್ಯ ಶಿಕ್ಷಕರು ಹಾಗೂ ಇತರರು ಉಪಸ್ಥಿತರಿದ್ದರು.

ನಗರದ ಶಾಲೆಯೊಂದರಲ್ಲಿ ನಡೆದ ಶಿಕ್ಷಕರ ಸಭೆಯಲ್ಲಿ ಮಾತನಾಡಿದ ಅವರು, ಪ್ರತಿ ತರಗತಿಯಲ್ಲಿ ಸಾಮಾಜಿಕ ಅಂತರ ಕಾಯ್ದುಕೊಳ್ಳಬೇಕು. ಅನಾರೋಗ್ಯದ ಲಕ್ಷಣಗಳಿರುವ ವಿದ್ಯಾರ್ಥಿಗಳನ್ನು ಕೂಡಲೇ ವೈದ್ಯಕೀಯ ತಪಾಸಣೆಗೆ ಒಳಪಡಿಸಬೇಕು ಎಂದರು.

ಮೈಸೂರು, ಆ.18(ಎಂಟಿಎನ್)- ಶಾಲಾ ಕಾಲೇಜುಗಳು ಪುನರಾರಂಭವಾಗುತ್ತಿರುವ ಹಿನ್ನೆಲೆಯಲ್ಲಿ ಕೋವಿಡ್ ಮಾರ್ಗಸೂಚಿಗಳನ್ನು ಕಟ್ಟುನಿಟ್ಟಾಗಿ ಪಾಲಿಸುವಂತೆ ಡಿಡಿಪಿಐ ಶಿಕ್ಷಕರಿಗೆ ಸಲಹೆ ನೀಡಿದರು. ವಿದ್ಯಾರ್ಥಿಗಳ ಸುರಕ್ಷತೆ ಮುಖ್ಯವಾಗಿದ್ದು ಶಾಲೆಗಳಲ್ಲಿ ಸ್ಯಾನಿಟೈಸರ್, ಮಾಸ್ಕ್ ಬಳಕೆ ಕಡ್ಡಾಯವಾಗಿರಬೇಕು ಎಂದು ತಿಳಿಸಿದರು.

ನಾಳೆ ಡಿ.ದೇವರಾಜ ಅರಸು 106ನೇ ಜನ್ಮ ದಿನಾಚರಣೆ

ಮಡಿಕೇರಿ, ಆ.18- ಜಿಲ್ಲಾಡಳಿತ, ಜಿಲ್ಲಾ ಪಂಚಾಯತ್ ಹಾಗೂ ಹಿಂದುಳಿದ ವರ್ಗಗಳ ಕಲ್ಯಾಣ ಇಲಾಖೆ ಸಂಯುಕ್ತಾಶ್ರಯದಲ್ಲಿ ಆ.20ರಂದು ಮಾಜಿ ಮುಖ್ಯಮಂತ್ರಿ ಡಿ.ದೇವರಾಜ ಅರಸು ಅವರ 106ನೇ ಜನ್ಮ ದಿನಾಚರಣೆ ಕಾರ್ಯಕ್ರಮ ನಡೆಯಲಿದೆ. ನಗರದ ಕೋಟೆ ಹಳೇ ವಿಧಾನ ಸಭಾಂಗಣದಲ್ಲಿ

ಮಡಿಕೇರಿ, ಆ.18- ಜಿಲ್ಲಾಡಳಿತ, ಜಿಲ್ಲಾ ಪಂಚಾಯತ್ ಹಾಗೂ ಹಿಂದುಳಿದ ವರ್ಗಗಳ ಕಲ್ಯಾಣ ಇಲಾಖೆ ಸಂಯುಕ್ತಾಶ್ರಯದಲ್ಲಿ ಆ.20ರಂದು ಮಾಜಿ ಮುಖ್ಯಮಂತ್ರಿ ಡಿ.ದೇವರಾಜ ಅರಸು ಅವರ 106ನೇ ಜನ್ಮ ದಿನಾಚರಣೆ ಕಾರ್ಯಕ್ರಮ ನಡೆಯಲಿದೆ. ನಗರದ ಕೋಟೆ ಹಳೇ ವಿಧಾನ ಸಭಾಂಗಣದಲ್ಲಿ ಬೆಳಿಗ್ಗೆ 10.30 ಗಂಟೆಗೆ ಕಾರ್ಯಕ್ರಮ ನಡೆಯಲಿದ್ದು ಜಿಲ್ಲಾ ಉಸ್ತುವಾರಿ ಸಚಿವರು ಉದ್ಘಾಟಿಸಲಿದ್ದಾರೆ. ಶಾಸಕರು, ವಿಧಾನ ಪರಿಷತ್ ಸದಸ್ಯರು, ಜಿಲ್ಲಾಧಿಕಾರಿ ಹಾಗೂ ವಿವಿಧ ಇಲಾಖೆಯ ಅಧಿಕಾರಿಗಳು ಪಾಲ್ಗೊಳ್ಳಲಿದ್ದಾರೆ. ಕಾರ್ಯಕ್ರಮದಲ್ಲಿ ಸಾಧಕರಿಗೆ ಸನ್ಮಾನ ನಡೆಯಲಿದೆ ಎಂದು ಪ್ರಕಟಣೆ ತಿಳಿಸಿದೆ.

ಮಡಿಕೇರಿ, ಆ.18- ಜಿಲ್ಲಾಡಳಿತ, ಜಿಲ್ಲಾ ಪಂಚಾಯತ್ ಹಾಗೂ ಹಿಂದುಳಿದ ವರ್ಗಗಳ ಕಲ್ಯಾಣ ಇಲಾಖೆ ಸಂಯುಕ್ತಾಶ್ರಯದಲ್ಲಿ ಆ.20ರಂದು ಮಾಜಿ ಮುಖ್ಯಮಂತ್ರಿ ಡಿ.ದೇವರಾಜ ಅರಸು ಅವರ 106ನೇ ಜನ್ಮ ದಿನಾಚರಣೆ ಕಾರ್ಯಕ್ರಮ ನಡೆಯಲಿದೆ. ನಗರದ ಕೋಟೆ ಹಳೇ ವಿಧಾನ ಸಭಾಂಗಣದಲ್ಲಿ ಬೆಳಿಗ್ಗೆ 10.30 ಗಂಟೆಗೆ ಕಾರ್ಯಕ್ರಮ ನಡೆಯಲಿದ್ದು ಜಿಲ್ಲಾ ಉಸ್ತುವಾರಿ ಸಚಿವರು ಉದ್ಘಾಟಿಸಲಿದ್ದಾರೆ. ಶಾಸಕರು, ವಿಧಾನ ಪರಿಷತ್ ಸದಸ್ಯರು, ಜಿಲ್ಲಾಧಿಕಾರಿ ಹಾಗೂ ವಿವಿಧ ಇಲಾಖೆಯ ಅಧಿಕಾರಿಗಳು ಪಾಲ್ಗೊಳ್ಳಲಿದ್ದಾರೆ. ಕಾರ್ಯಕ್ರಮದಲ್ಲಿ ಸಾಧಕರಿಗೆ ಸನ್ಮಾನ ನಡೆಯಲಿದೆ ಎಂದು ಪ್ರಕಟಣೆ ತಿಳಿಸಿದೆ.

ಮಡಿಕೇರಿ, ಆ.18- ಜಿಲ್ಲಾಡಳಿತ, ಜಿಲ್ಲಾ ಪಂಚಾಯತ್ ಹಾಗೂ ಹಿಂದುಳಿದ ವರ್ಗಗಳ ಕಲ್ಯಾಣ ಇಲಾಖೆ ಸಂಯುಕ್ತಾಶ್ರಯದಲ್ಲಿ ಆ.20ರಂದು ಮಾಜಿ ಮುಖ್ಯಮಂತ್ರಿ ಡಿ.ದೇವರಾಜ ಅರಸು ಅವರ 106ನೇ ಜನ್ಮ ದಿನಾಚರಣೆ ಕಾರ್ಯಕ್ರಮ ನಡೆಯಲಿದೆ. ನಗರದ ಕೋಟೆ ಹಳೇ ವಿಧಾನ ಸಭಾಂಗಣದಲ್ಲಿ ಬೆಳಿಗ್ಗೆ 10.30 ಗಂಟೆಗೆ ಕಾರ್ಯಕ್ರಮ ನಡೆಯಲಿದ್ದು ಜಿಲ್ಲಾ ಉಸ್ತುವಾರಿ ಸಚಿವರು ಉದ್ಘಾಟಿಸಲಿದ್ದಾರೆ. ಶಾಸಕರು, ವಿಧಾನ ಪರಿಷತ್ ಸದಸ್ಯರು, ಜಿಲ್ಲಾಧಿಕಾರಿ ಹಾಗೂ ವಿವಿಧ ಇಲಾಖೆಯ ಅಧಿಕಾರಿಗಳು ಪಾಲ್ಗೊಳ್ಳಲಿದ್ದಾರೆ. ಕಾರ್ಯಕ್ರಮದಲ್ಲಿ ಸಾಧಕರಿಗೆ ಸನ್ಮಾನ ನಡೆಯಲಿದೆ ಎಂದು ಪ್ರಕಟಣೆ ತಿಳಿಸಿದೆ.

ಮಡಿಕೇರಿ, ಆ.18- ಜಿಲ್ಲಾಡಳಿತ, ಜಿಲ್ಲಾ ಪಂಚಾಯತ್ ಹಾಗೂ ಹಿಂದುಳಿದ ವರ್ಗಗಳ ಕಲ್ಯಾಣ ಇಲಾಖೆ ಸಂಯುಕ್ತಾಶ್ರಯದಲ್ಲಿ ಆ.20ರಂದು ಮಾಜಿ ಮುಖ್ಯಮಂತ್ರಿ ಡಿ.ದೇವರಾಜ ಅರಸು ಅವರ 106ನೇ ಜನ್ಮ ದಿನಾಚರಣೆ ಕಾರ್ಯಕ್ರಮ ನಡೆಯಲಿದೆ. ನಗರದ ಕೋಟೆ ಹಳೇ ವಿಧಾನ ಸಭಾಂಗಣದಲ್ಲಿ ಬೆಳಿಗ್ಗೆ 10.30 ಗಂಟೆಗೆ ಕಾರ್ಯಕ್ರಮ ನಡೆಯಲಿದ್ದು ಜಿಲ್ಲಾ ಉಸ್ತುವಾರಿ ಸಚಿವರು ಉದ್ಘಾಟಿಸಲಿದ್ದಾರೆ. ಶಾಸಕರು, ವಿಧಾನ ಪರಿಷತ್ ಸದಸ್ಯರು, ಜಿಲ್ಲಾಧಿಕಾರಿ ಹಾಗೂ ವಿವಿಧ ಇಲಾಖೆಯ ಅಧಿಕಾರಿಗಳು ಪಾಲ್ಗೊಳ್ಳಲಿದ್ದಾರೆ. ಕಾರ್ಯಕ್ರಮದಲ್ಲಿ ಸಾಧಕರಿಗೆ ಸನ್ಮಾನ ನಡೆಯಲಿದೆ ಎಂದು ಪ್ರಕಟಣೆ ತಿಳಿಸಿದೆ.

ನಾಳೆ ಸಿಎನ್‌ಸಿಯಿಂದ ವಿಚಾರ ಸಂಕಿರಣ

ಮಡಿಕೇರಿ, ಆ.18- ಕೊಡವ ನ್ಯಾಷನಲ್ ಕೌನ್ಸಿಲ್ (ಸಿಎನ್‌ಸಿ) ವತಿಯಿಂದ ಆ.20 ರಂದು ಕೊಡವರ ಪ್ರಾದೇಶಿಕ ಹಕ್ಕುಗಳು ಹಾಗೂ ಸಾಂವಿಧಾನಿಕ ಮಾನ್ಯತೆ ಕುರಿತು ವಿಚಾರ ಸಂಕಿರಣ ನಡೆಯಲಿದೆ.

ಕಾರ್ಯಕ್ರಮದಲ್ಲಿ ಕಾನೂನು ತಜ್ಞರು, ಸಾಹಿತಿಗಳು ಹಾಗೂ ಸಮುದಾಯದ ಪ್ರಮುಖರು ಭಾಗವಹಿಸಲಿದ್ದಾರೆ ಎಂದು ಸಿಎನ್‌ಸಿ ಅಧ್ಯಕ್ಷ ಎನ್.ಯು. ನಾಚಪ್ಪ ತಿಳಿಸಿದ್ದಾರೆ.

ಕಾರ್ಯಕ್ರಮದಲ್ಲಿ ಕಾನೂನು ತಜ್ಞರು, ಸಾಹಿತಿಗಳು ಹಾಗೂ ಸಮುದಾಯದ ಪ್ರಮುಖರು ಭಾಗವಹಿಸಲಿದ್ದಾರೆ ಎಂದು ಸಿಎನ್‌ಸಿ ಅಧ್ಯಕ್ಷ ಎನ್.ಯು. ನಾಚಪ್ಪ ತಿಳಿಸಿದ್ದಾರೆ.

ಕೊಡವ ಭಾಷೆ, ಸಂಸ್ಕೃತಿ ಮತ್ತು ಪರಂಪರೆಯ ರಕ್ಷಣೆಗಾಗಿ ಸಂಘಟನೆ ನಿರಂತರ ಹೋರಾಟ ನಡೆಸುತ್ತಿದೆ. ಆಸಕ್ತರು ವಿಚಾರ ಸಂಕಿರಣದಲ್ಲಿ ಪಾಲ್ಗೊಳ್ಳಬಹುದು ಎಂದು ಅವರು ಕೋರಿದ್ದಾರೆ.

ಕೊಡವ ಭಾಷೆ, ಸಂಸ್ಕೃತಿ ಮತ್ತು ಪರಂಪರೆಯ ರಕ್ಷಣೆಗಾಗಿ ಸಂಘಟನೆ ನಿರಂತರ ಹೋರಾಟ ನಡೆಸುತ್ತಿದೆ. ಆಸಕ್ತರು ವಿಚಾರ ಸಂಕಿರಣದಲ್ಲಿ ಪಾಲ್ಗೊಳ್ಳಬಹುದು ಎಂದು ಅವರು ಕೋರಿದ್ದಾರೆ.

ಮಡಿಕೇರಿ, ಆ.18- ಕೊಡವ ನ್ಯಾಷನಲ್ ಕೌನ್ಸಿಲ್ (ಸಿಎನ್‌ಸಿ) ವತಿಯಿಂದ ಆ.20 ರಂದು ಕೊಡವರ ಪ್ರಾದೇಶಿಕ ಹಕ್ಕುಗಳು ಹಾಗೂ ಸಾಂವಿಧಾನಿಕ ಮಾನ್ಯತೆ ಕುರಿತು ವಿಚಾರ ಸಂಕಿರಣ ನಡೆಯಲಿದೆ.

ಕರ್ನಾಟಕ ರಾಜ್ಯ ಸಫಾಯಿ ಕರ್ಮಚಾರಿ ಆಯೋಗದ ಅಧ್ಯಕ್ಷರ ಜಿಲ್ಲಾ ಪ್ರವಾಸ

ಮೈಸೂರು, ಆ.18- ಕರ್ನಾಟಕ ರಾಜ್ಯ ಸಫಾಯಿ ಕರ್ಮಚಾರಿ ಆಯೋಗದ ಅಧ್ಯಕ್ಷರು ಆ.23ರಂದು ಜಿಲ್ಲಾ ಪ್ರವಾಸ ಕೈಗೊಳ್ಳಲಿದ್ದಾರೆ. ಬೆಳಿಗ್ಗೆ 10.30 ಗಂಟೆಗೆ ಜಿಲ್ಲಾಧಿಕಾರಿಗಳ ಕಚೇರಿ ಸಭಾಂಗಣದಲ್ಲಿ ಅಧಿಕಾರಿಗಳೊಂದಿಗೆ ಪ್ರಗತಿ ಪರಿಶೀಲನಾ ಸಭೆ ನಡೆಸಲಿದ್ದಾರೆ. ನಂತರ ಪೌರಕಾರ್ಮಿಕರ ಕುಂದುಕೊರತೆ ಆಲಿಸಲಿದ್ದು, ಸಂಜೆ ವಿವಿಧ ಬಡಾವಣೆಗಳಿಗೆ ಭೇಟಿ ನೀಡಿ ಪರಿಶೀಲಿಸಲಿದ್ದಾರೆ ಎಂದು ಪ್ರಕಟಣೆ ತಿಳಿಸಿದೆ.

ಮೈಸೂರು, ಆ.18- ಕರ್ನಾಟಕ ರಾಜ್ಯ ಸಫಾಯಿ ಕರ್ಮಚಾರಿ ಆಯೋಗದ ಅಧ್ಯಕ್ಷರು ಆ.23ರಂದು ಜಿಲ್ಲಾ ಪ್ರವಾಸ ಕೈಗೊಳ್ಳಲಿದ್ದಾರೆ. ಬೆಳಿಗ್ಗೆ 10.30 ಗಂಟೆಗೆ ಜಿಲ್ಲಾಧಿಕಾರಿಗಳ ಕಚೇರಿ ಸಭಾಂಗಣದಲ್ಲಿ ಅಧಿಕಾರಿಗಳೊಂದಿಗೆ ಪ್ರಗತಿ ಪರಿಶೀಲನಾ ಸಭೆ ನಡೆಸಲಿದ್ದಾರೆ. ನಂತರ ಪೌರಕಾರ್ಮಿಕರ ಕುಂದುಕೊರತೆ ಆಲಿಸಲಿದ್ದು, ಸಂಜೆ ವಿವಿಧ ಬಡಾವಣೆಗಳಿಗೆ ಭೇಟಿ ನೀಡಿ ಪರಿಶೀಲಿಸಲಿದ್ದಾರೆ ಎಂದು ಪ್ರಕಟಣೆ ತಿಳಿಸಿದೆ.

ಮೈಸೂರು, ಆ.18- ಕರ್ನಾಟಕ ರಾಜ್ಯ ಸಫಾಯಿ ಕರ್ಮಚಾರಿ ಆಯೋಗದ ಅಧ್ಯಕ್ಷರು ಆ.23ರಂದು ಜಿಲ್ಲಾ ಪ್ರವಾಸ ಕೈಗೊಳ್ಳಲಿದ್ದಾರೆ. ಬೆಳಿಗ್ಗೆ 10.30 ಗಂಟೆಗೆ ಜಿಲ್ಲಾಧಿಕಾರಿಗಳ ಕಚೇರಿ ಸಭಾಂಗಣದಲ್ಲಿ ಅಧಿಕಾರಿಗಳೊಂದಿಗೆ ಪ್ರಗತಿ ಪರಿಶೀಲನಾ ಸಭೆ ನಡೆಸಲಿದ್ದಾರೆ. ನಂತರ ಪೌರಕಾರ್ಮಿಕರ ಕುಂದುಕೊರತೆ ಆಲಿಸಲಿದ್ದು, ಸಂಜೆ ವಿವಿಧ ಬಡಾವಣೆಗಳಿಗೆ ಭೇಟಿ ನೀಡಿ ಪರಿಶೀಲಿಸಲಿದ್ದಾರೆ ಎಂದು ಪ್ರಕಟಣೆ ತಿಳಿಸಿದೆ.

ರಾಜ್ಯಮಟ್ಟದ ಚಿನ್ನಿಯ ಜ್ಞಾನಿ ಶಿಕ್ಷಕ ಪ್ರಶಸ್ತಿಗೆ ಅರ್ಜಿ ಆಹ್ವಾನ

ಮೈಸೂರು, ಆ.18- ಮೈಸೂರಿನ ಚಿನ್ನಿಯ ವಿದ್ಯಾಸಂಸ್ಥೆ ಫೌಂಡೇಷನ್ ವತಿಯಿಂದ 2021ನೇ ಸಾಲಿನ ರಾಜ್ಯಮಟ್ಟದ ಚಿನ್ನಿಯ ಜ್ಞಾನಿ ಶಿಕ್ಷಕ ಪ್ರಶಸ್ತಿಗೆ ಅರ್ಹ ಶಿಕ್ಷಕರಿಂದ ಅರ್ಜಿ ಆಹ್ವಾನಿಸಲಾಗಿದೆ. ಪ್ರಾಥಮಿಕ, ಪ್ರೌಢ ಹಾಗೂ ಪದವಿ ಪೂರ್ವ ಕಾಲೇಜುಗಳಲ್ಲಿ ಸೇವೆ ಸಲ್ಲಿಸುತ್ತಿರುವ ಶಿಕ್ಷಕರು ಅರ್ಜಿ ಸಲ್ಲಿಸಬಹುದು. ಭರ್ತಿ ಮಾಡಿದ ಅರ್ಜಿಗಳನ್ನು 10.9.2021ರೊಳಗೆ ಸಲ್ಲಿಸಬೇಕು. ಹೆಚ್ಚಿನ ಮಾಹಿತಿಗೆ ದೂರವಾಣಿ ಸಂಖ್ಯೆ 9480217051 ಸಂಪರ್ಕಿಸಬಹುದು ಎಂದು ಪ್ರಕಟಣೆ ತಿಳಿಸಿದೆ.

ಮೈಸೂರು, ಆ.18- ಮೈಸೂರಿನ ಚಿನ್ನಿಯ ವಿದ್ಯಾಸಂಸ್ಥೆ ಫೌಂಡೇಷನ್ ವತಿಯಿಂದ 2021ನೇ ಸಾಲಿನ ರಾಜ್ಯಮಟ್ಟದ ಚಿನ್ನಿಯ ಜ್ಞಾನಿ ಶಿಕ್ಷಕ ಪ್ರಶಸ್ತಿಗೆ ಅರ್ಹ ಶಿಕ್ಷಕರಿಂದ ಅರ್ಜಿ ಆಹ್ವಾನಿಸಲಾಗಿದೆ. ಪ್ರಾಥಮಿಕ, ಪ್ರೌಢ ಹಾಗೂ ಪದವಿ ಪೂರ್ವ ಕಾಲೇಜುಗಳಲ್ಲಿ ಸೇವೆ ಸಲ್ಲಿಸುತ್ತಿರುವ ಶಿಕ್ಷಕರು ಅರ್ಜಿ ಸಲ್ಲಿಸಬಹುದು. ಭರ್ತಿ ಮಾಡಿದ ಅರ್ಜಿಗಳನ್ನು 10.9.2021ರೊಳಗೆ ಸಲ್ಲಿಸಬೇಕು. ಹೆಚ್ಚಿನ ಮಾಹಿತಿಗೆ ದೂರವಾಣಿ ಸಂಖ್ಯೆ 9480217051 ಸಂಪರ್ಕಿಸಬಹುದು ಎಂದು ಪ್ರಕಟಣೆ ತಿಳಿಸಿದೆ.

ಆ.22, ಶಿಕ್ಷಕರ ಅರ್ಹತಾ ಪರೀಕ್ಷೆ ದಿನಾಂಕ ನಿಗದಿ

ಮೈಸೂರು, ಆ.18- ಆಗಸ್ಟ್ 22ರಂದು ಕರ್ನಾಟಕ ಶಿಕ್ಷಕರ ಅರ್ಹತಾ ಪರೀಕ್ಷೆ ನಡೆಯಲಿದೆ. ಜಿಲ್ಲೆಯ ವಿವಿಧ ಪರೀಕ್ಷಾ ಕೇಂದ್ರಗಳಲ್ಲಿ ಪರೀಕ್ಷೆ ನಡೆಯಲಿದ್ದು 7179 ಅಭ್ಯರ್ಥಿಗಳು ಪರೀಕ್ಷೆ ಬರೆಯಲಿದ್ದಾರೆ. ಬೆಳಿಗ್ಗೆ 9.30 ರಿಂದ 12 ಗಂಟೆಯವರೆಗೆ ಪತ್ರಿಕೆ-1 ಹಾಗೂ ಮಧ್ಯಾಹ್ನ 2 ರಿಂದ 4.30 ಗಂಟೆಯವರೆಗೆ ಪತ್ರಿಕೆ-2 ಪರೀಕ್ಷೆ ನಡೆಯಲಿದೆ. ಅಭ್ಯರ್ಥಿಗಳು ಕೋವಿಡ್ ನಿಯಮ ಪಾಲಿಸಬೇಕು ಎಂದು ಡಿಡಿಪಿಐ ತಿಳಿಸಿದ್ದಾರೆ.

ಮೈಸೂರು, ಆ.18- ಆಗಸ್ಟ್ 22ರಂದು ಕರ್ನಾಟಕ ಶಿಕ್ಷಕರ ಅರ್ಹತಾ ಪರೀಕ್ಷೆ ನಡೆಯಲಿದೆ. ಜಿಲ್ಲೆಯ ವಿವಿಧ ಪರೀಕ್ಷಾ ಕೇಂದ್ರಗಳಲ್ಲಿ ಪರೀಕ್ಷೆ ನಡೆಯಲಿದ್ದು 7179 ಅಭ್ಯರ್ಥಿಗಳು ಪರೀಕ್ಷೆ ಬರೆಯಲಿದ್ದಾರೆ. ಬೆಳಿಗ್ಗೆ 9.30 ರಿಂದ 12 ಗಂಟೆಯವರೆಗೆ ಪತ್ರಿಕೆ-1 ಹಾಗೂ ಮಧ್ಯಾಹ್ನ 2 ರಿಂದ 4.30 ಗಂಟೆಯವರೆಗೆ ಪತ್ರಿಕೆ-2 ಪರೀಕ್ಷೆ ನಡೆಯಲಿದೆ. ಅಭ್ಯರ್ಥಿಗಳು ಕೋವಿಡ್ ನಿಯಮ ಪಾಲಿಸಬೇಕು ಎಂದು ಡಿಡಿಪಿಐ ತಿಳಿಸಿದ್ದಾರೆ.

ನಿಧನ
ಚೇಂದಂಡ ಚೆಪ್ಪಿ ಮುತ್ತಣ್ಣ
ಮಡಿಕೇರಿ, ಆ.18- ಪಾಲಿಬೆಟ್ಟ(ಮಾರ್ಗೊಲ್ಲಿ) ನಿವಾಸಿ ಚೇಂದಂಡ ಚೆಪ್ಪಿ ಮುತ್ತಣ್ಣ(69) ಅವರು ಬುಧವಾರ ನಿಧನರಾದರು. ಮೃತರ ಅಂತ್ಯಕ್ರಿಯೆ ಗುರುವಾರ ಸ್ವಗ್ರಾಮದಲ್ಲಿ ನಡೆಯಲಿದೆ.
ಅಮ್ಮಂಡ ಬೋಜಾ ಕಾರ್ಯಪ್ಪ
ಮಡಿಕೇರಿ: ಬೆಂಗಳೂರಿನ ಸಂಜಯನಗರದಲ್ಲಿ ವಾಸವಿದ್ದ ಲೋಕಸಭಾ ಸ್ಪೀಕರ್‌ಗಳ ಸಲಹೆಗಾರರಾಗಿದ್ದ ಅಮ್ಮಂಡ ಬೋಜಾ ಕಾರ್ಯಪ್ಪ(47) ಅವರು ಬುಧವಾರ ನಿಧನರಾದರು. ಮೃತರ ಅಂತ್ಯಕ್ರಿಯೆ ಬೆಂಗಳೂರಿನಲ್ಲಿ ನಡೆಯಿತು.
ಚಂದ್ರಾವತಿ
ಮಡಿಕೇರಿ: ಚೆರಿಯಪರಂಬು ನಿವಾಸಿ ಚಂದ್ರಾವತಿ(49) ಅವರು ಬುಧವಾರ ನಿಧನರಾದರು. ಮೃತರ ಅಂತ್ಯಕ್ರಿಯೆ ಗುರುವಾರ ಸ್ವಗ್ರಾಮದಲ್ಲಿ ನಡೆಯಲಿದೆ.
